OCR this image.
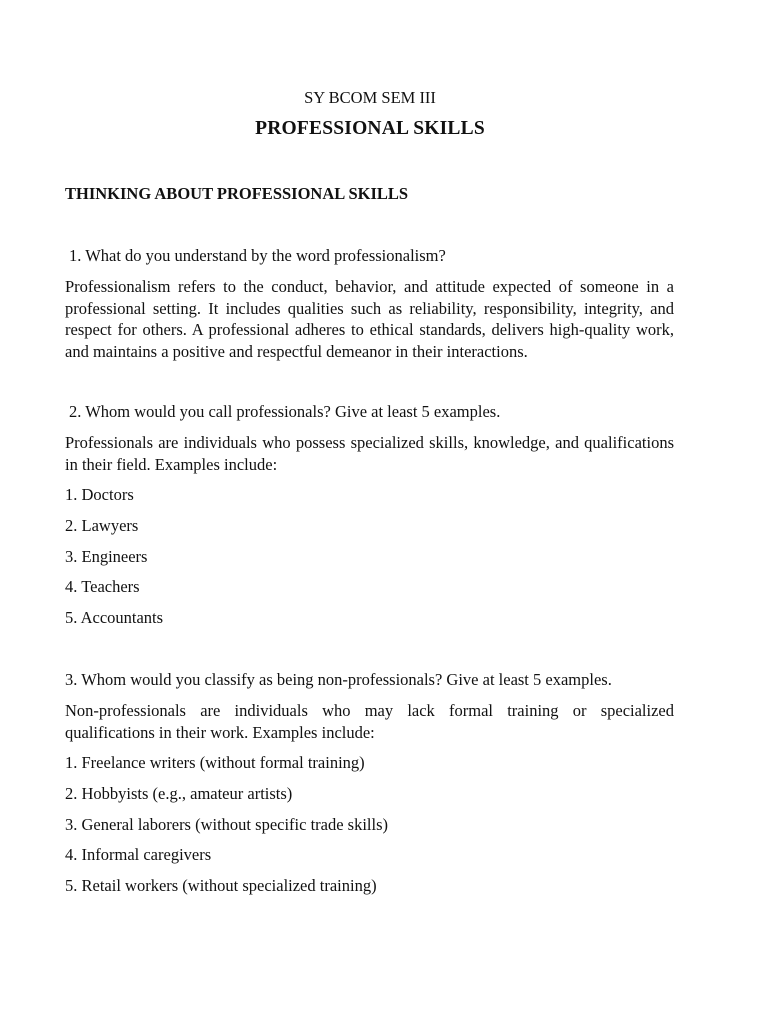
SY BCOM SEM III

PROFESSIONAL SKILLS

THINKING ABOUT PROFESSIONAL SKILLS

1. What do you understand by the word professionalism?

Professionalism refers to the conduct, behavior, and attitude expected of someone in a professional setting. It includes qualities such as reliability, responsibility, integrity, and respect for others. A professional adheres to ethical standards, delivers high-quality work, and maintains a positive and respectful demeanor in their interactions.

2. Whom would you call professionals? Give at least 5 examples.

Professionals are individuals who possess specialized skills, knowledge, and qualifications in their field. Examples include:

1. Doctors

2. Lawyers

3. Engineers

4. Teachers

5. Accountants

3. Whom would you classify as being non-professionals? Give at least 5 examples.

Non-professionals are individuals who may lack formal training or specialized qualifications in their work. Examples include:

1. Freelance writers (without formal training)

2. Hobbyists (e.g., amateur artists)

3. General laborers (without specific trade skills)

4. Informal caregivers

5. Retail workers (without specialized training)
